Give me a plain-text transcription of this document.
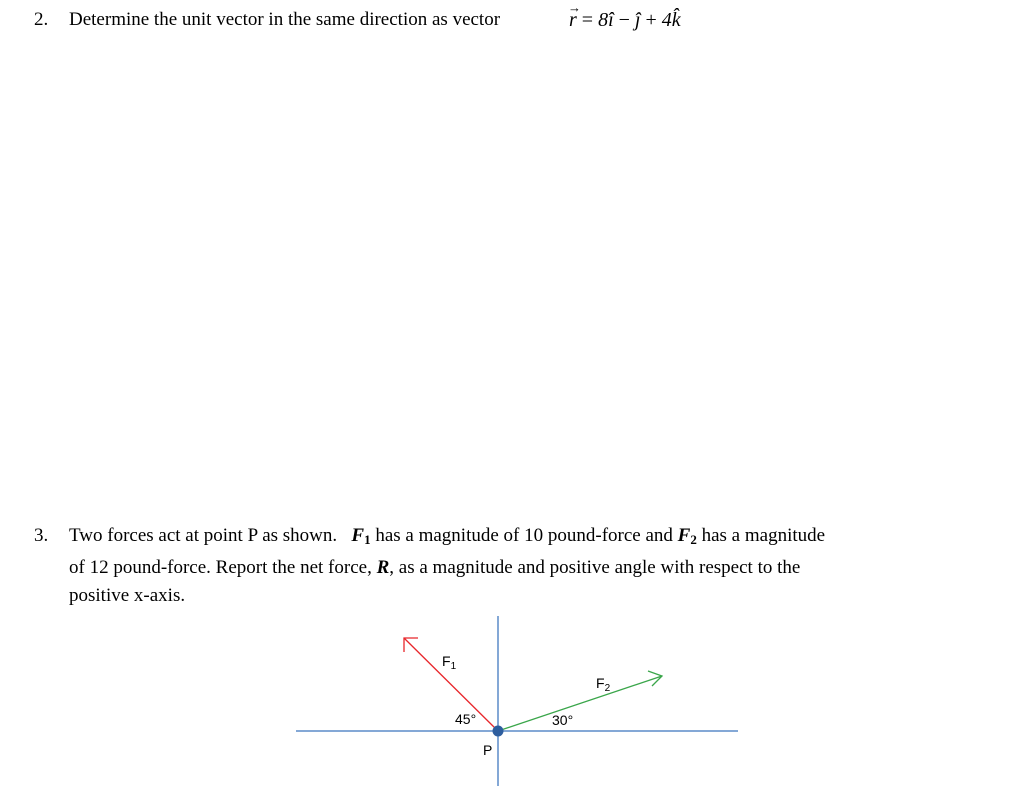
2. Determine the unit vector in the same direction as vector
→
r = 8î − ĵ + 4k̂
3. Two forces act at point P as shown. $F_1$ has a magnitude of 10 pound-force and $F_2$ has a magnitude
of 12 pound-force. Report the net force, R, as a magnitude and positive angle with respect to the
positive x-axis.
$F_1$
$F_2$
45°	30°
P
